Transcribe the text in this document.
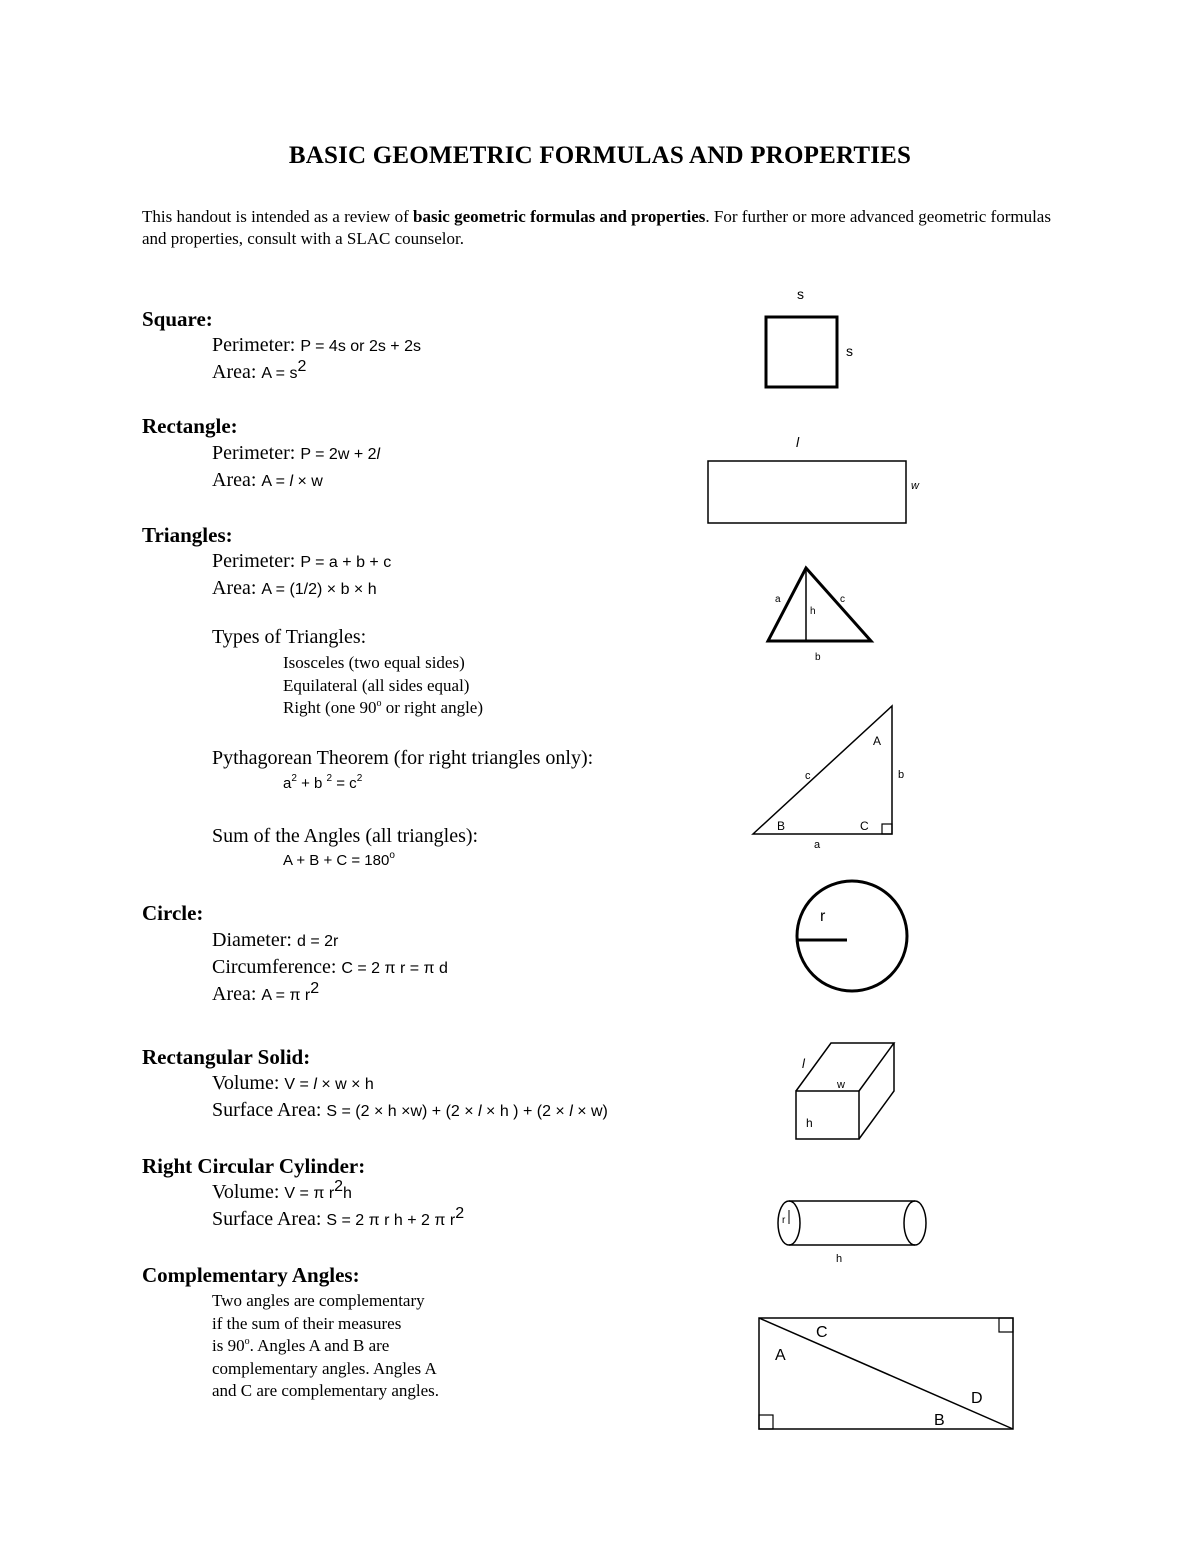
BASIC GEOMETRIC FORMULAS AND PROPERTIES
This handout is intended as a review of basic geometric formulas and properties. For further or more advanced geometric formulas and properties, consult with a SLAC counselor.
Square:
Perimeter: P = 4s or 2s + 2s
Area: $A = s^2$
s
s
Rectangle:
Perimeter: P = 2w + 2l
Area: A = l × w
l
w
Triangles:
Perimeter: P = a + b + c
Area: A = (1/2) × b × h
Types of Triangles:
Isosceles (two equal sides)
Equilateral (all sides equal)
Right (one 90$^o$ or right angle)
Pythagorean Theorem (for right triangles only):
$a^2 + b$ $^2 = c^2$
Sum of the Angles (all triangles):
$A + B + C = 180^o$
a	c
h
b
A
B	C
c	b
a
Circle:
Diameter: d = 2r
Circumference: C = 2 π r = π d
Area: A = π $r^2$
r
Rectangular Solid:
Volume: V = l × w × h
Surface Area: S = (2 × h ×w) + (2 × l × h ) + (2 × l × w)
l
w
h
Right Circular Cylinder:
Volume: V = π $r^2h$
Surface Area: S = 2 π r h + 2 π $r^2$	r
h
Complementary Angles:
Two angles are complementary
if the sum of their measures
is 90$^o$. Angles A and B are
complementary angles. Angles A
and C are complementary angles.
A
C
D
B
